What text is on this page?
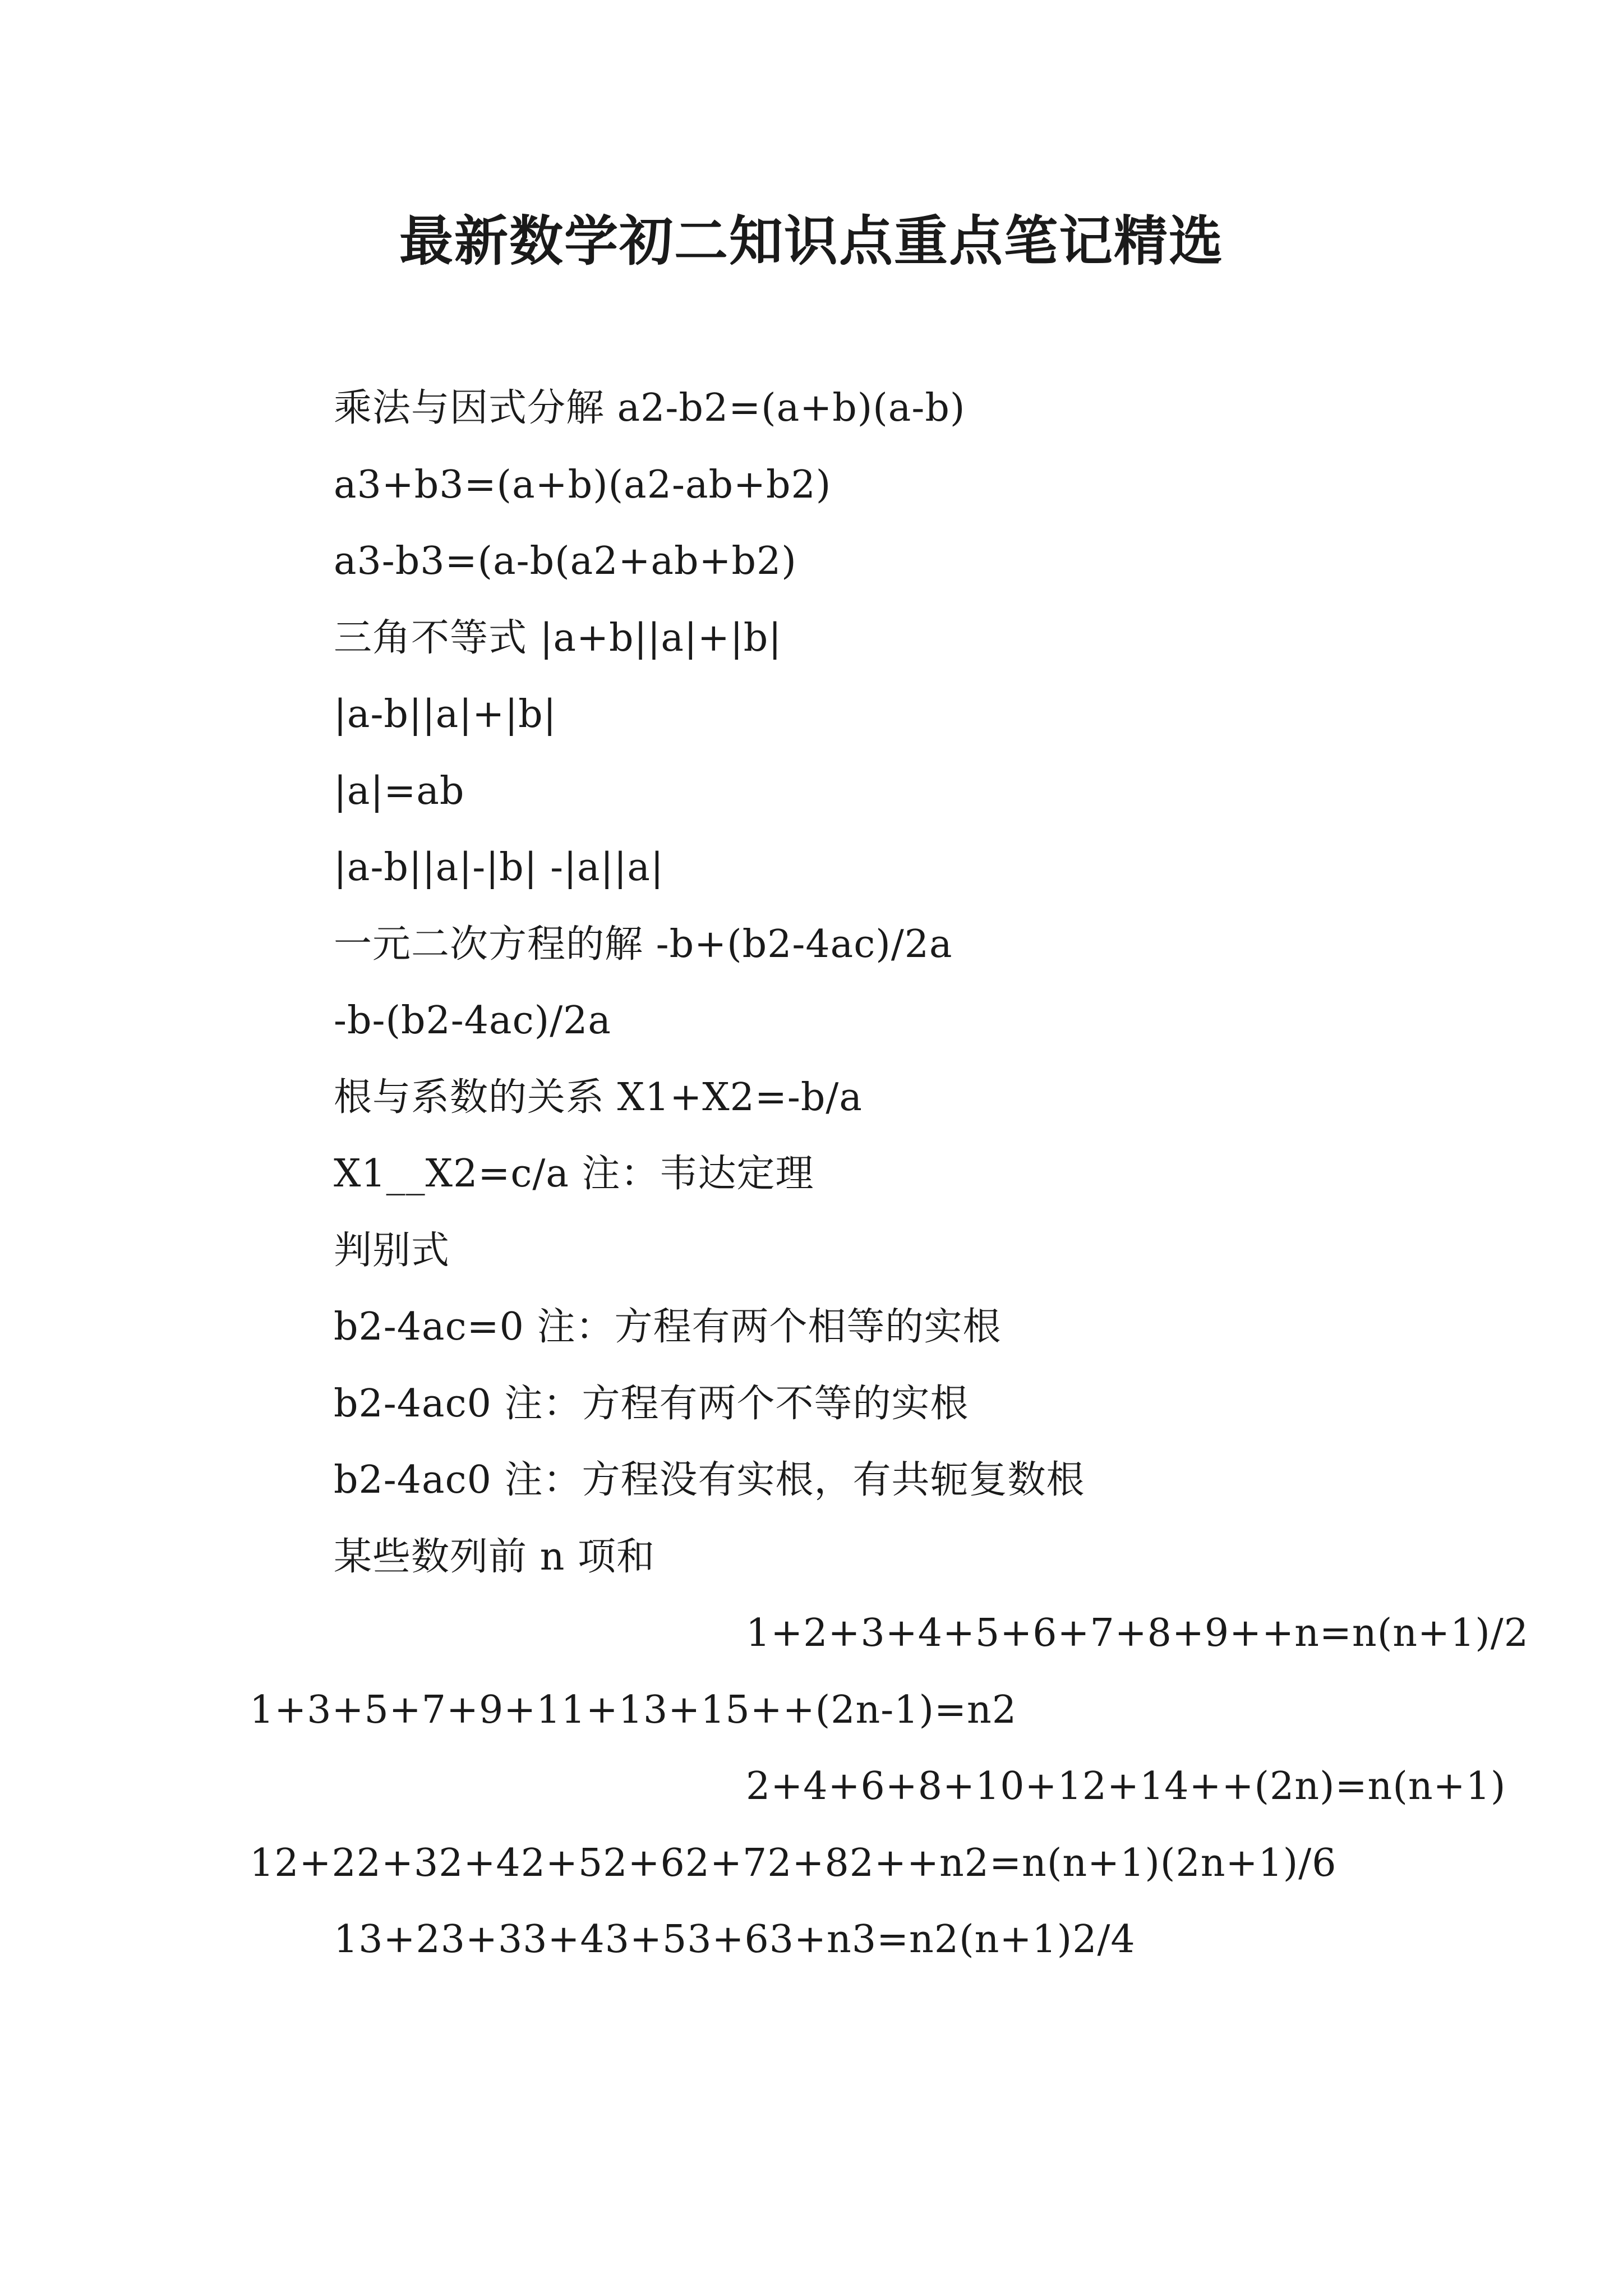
最新数学初二知识点重点笔记精选
乘法与因式分解 a2-b2=(a+b)(a-b)
a3+b3=(a+b)(a2-ab+b2)
a3-b3=(a-b(a2+ab+b2)
三角不等式 |a+b||a|+|b|
|a-b||a|+|b|
|a|=ab
|a-b||a|-|b| -|a||a|
一元二次方程的解 -b+(b2-4ac)/2a
-b-(b2-4ac)/2a
根与系数的关系 X1+X2=-b/a
X1__X2=c/a 注：韦达定理
判别式
b2-4ac=0 注：方程有两个相等的实根
b2-4ac0 注：方程有两个不等的实根
b2-4ac0 注：方程没有实根，有共轭复数根
某些数列前 n 项和
1+2+3+4+5+6+7+8+9++n=n(n+1)/2
1+3+5+7+9+11+13+15++(2n-1)=n2
2+4+6+8+10+12+14++(2n)=n(n+1)
12+22+32+42+52+62+72+82++n2=n(n+1)(2n+1)/6
13+23+33+43+53+63+n3=n2(n+1)2/4
